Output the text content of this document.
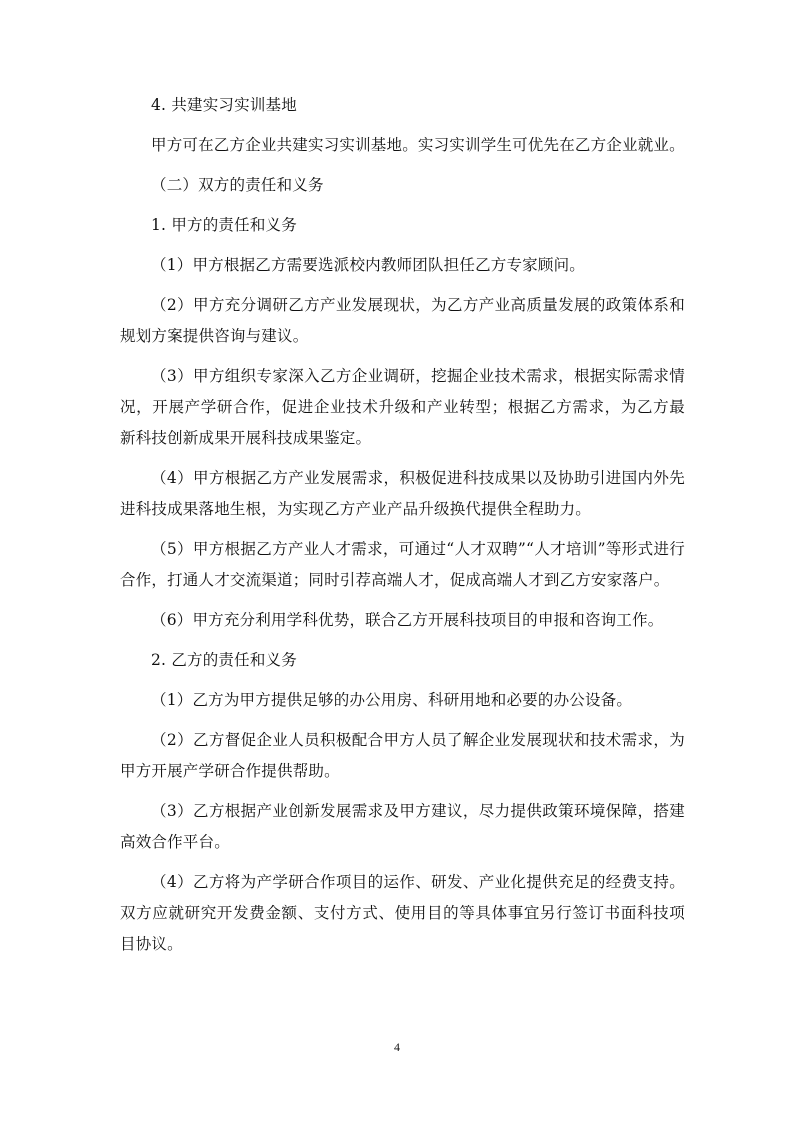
4. 共建实习实训基地

甲方可在乙方企业共建实习实训基地。实习实训学生可优先在乙方企业就业。

（二）双方的责任和义务

1. 甲方的责任和义务

（1）甲方根据乙方需要选派校内教师团队担任乙方专家顾问。

（2）甲方充分调研乙方产业发展现状，为乙方产业高质量发展的政策体系和规划方案提供咨询与建议。

（3）甲方组织专家深入乙方企业调研，挖掘企业技术需求，根据实际需求情况，开展产学研合作，促进企业技术升级和产业转型；根据乙方需求，为乙方最新科技创新成果开展科技成果鉴定。

（4）甲方根据乙方产业发展需求，积极促进科技成果以及协助引进国内外先进科技成果落地生根，为实现乙方产业产品升级换代提供全程助力。

（5）甲方根据乙方产业人才需求，可通过“人才双聘”“人才培训”等形式进行合作，打通人才交流渠道；同时引荐高端人才，促成高端人才到乙方安家落户。

（6）甲方充分利用学科优势，联合乙方开展科技项目的申报和咨询工作。

2. 乙方的责任和义务

（1）乙方为甲方提供足够的办公用房、科研用地和必要的办公设备。

（2）乙方督促企业人员积极配合甲方人员了解企业发展现状和技术需求，为甲方开展产学研合作提供帮助。

（3）乙方根据产业创新发展需求及甲方建议，尽力提供政策环境保障，搭建高效合作平台。

（4）乙方将为产学研合作项目的运作、研发、产业化提供充足的经费支持。双方应就研究开发费金额、支付方式、使用目的等具体事宜另行签订书面科技项目协议。

4
